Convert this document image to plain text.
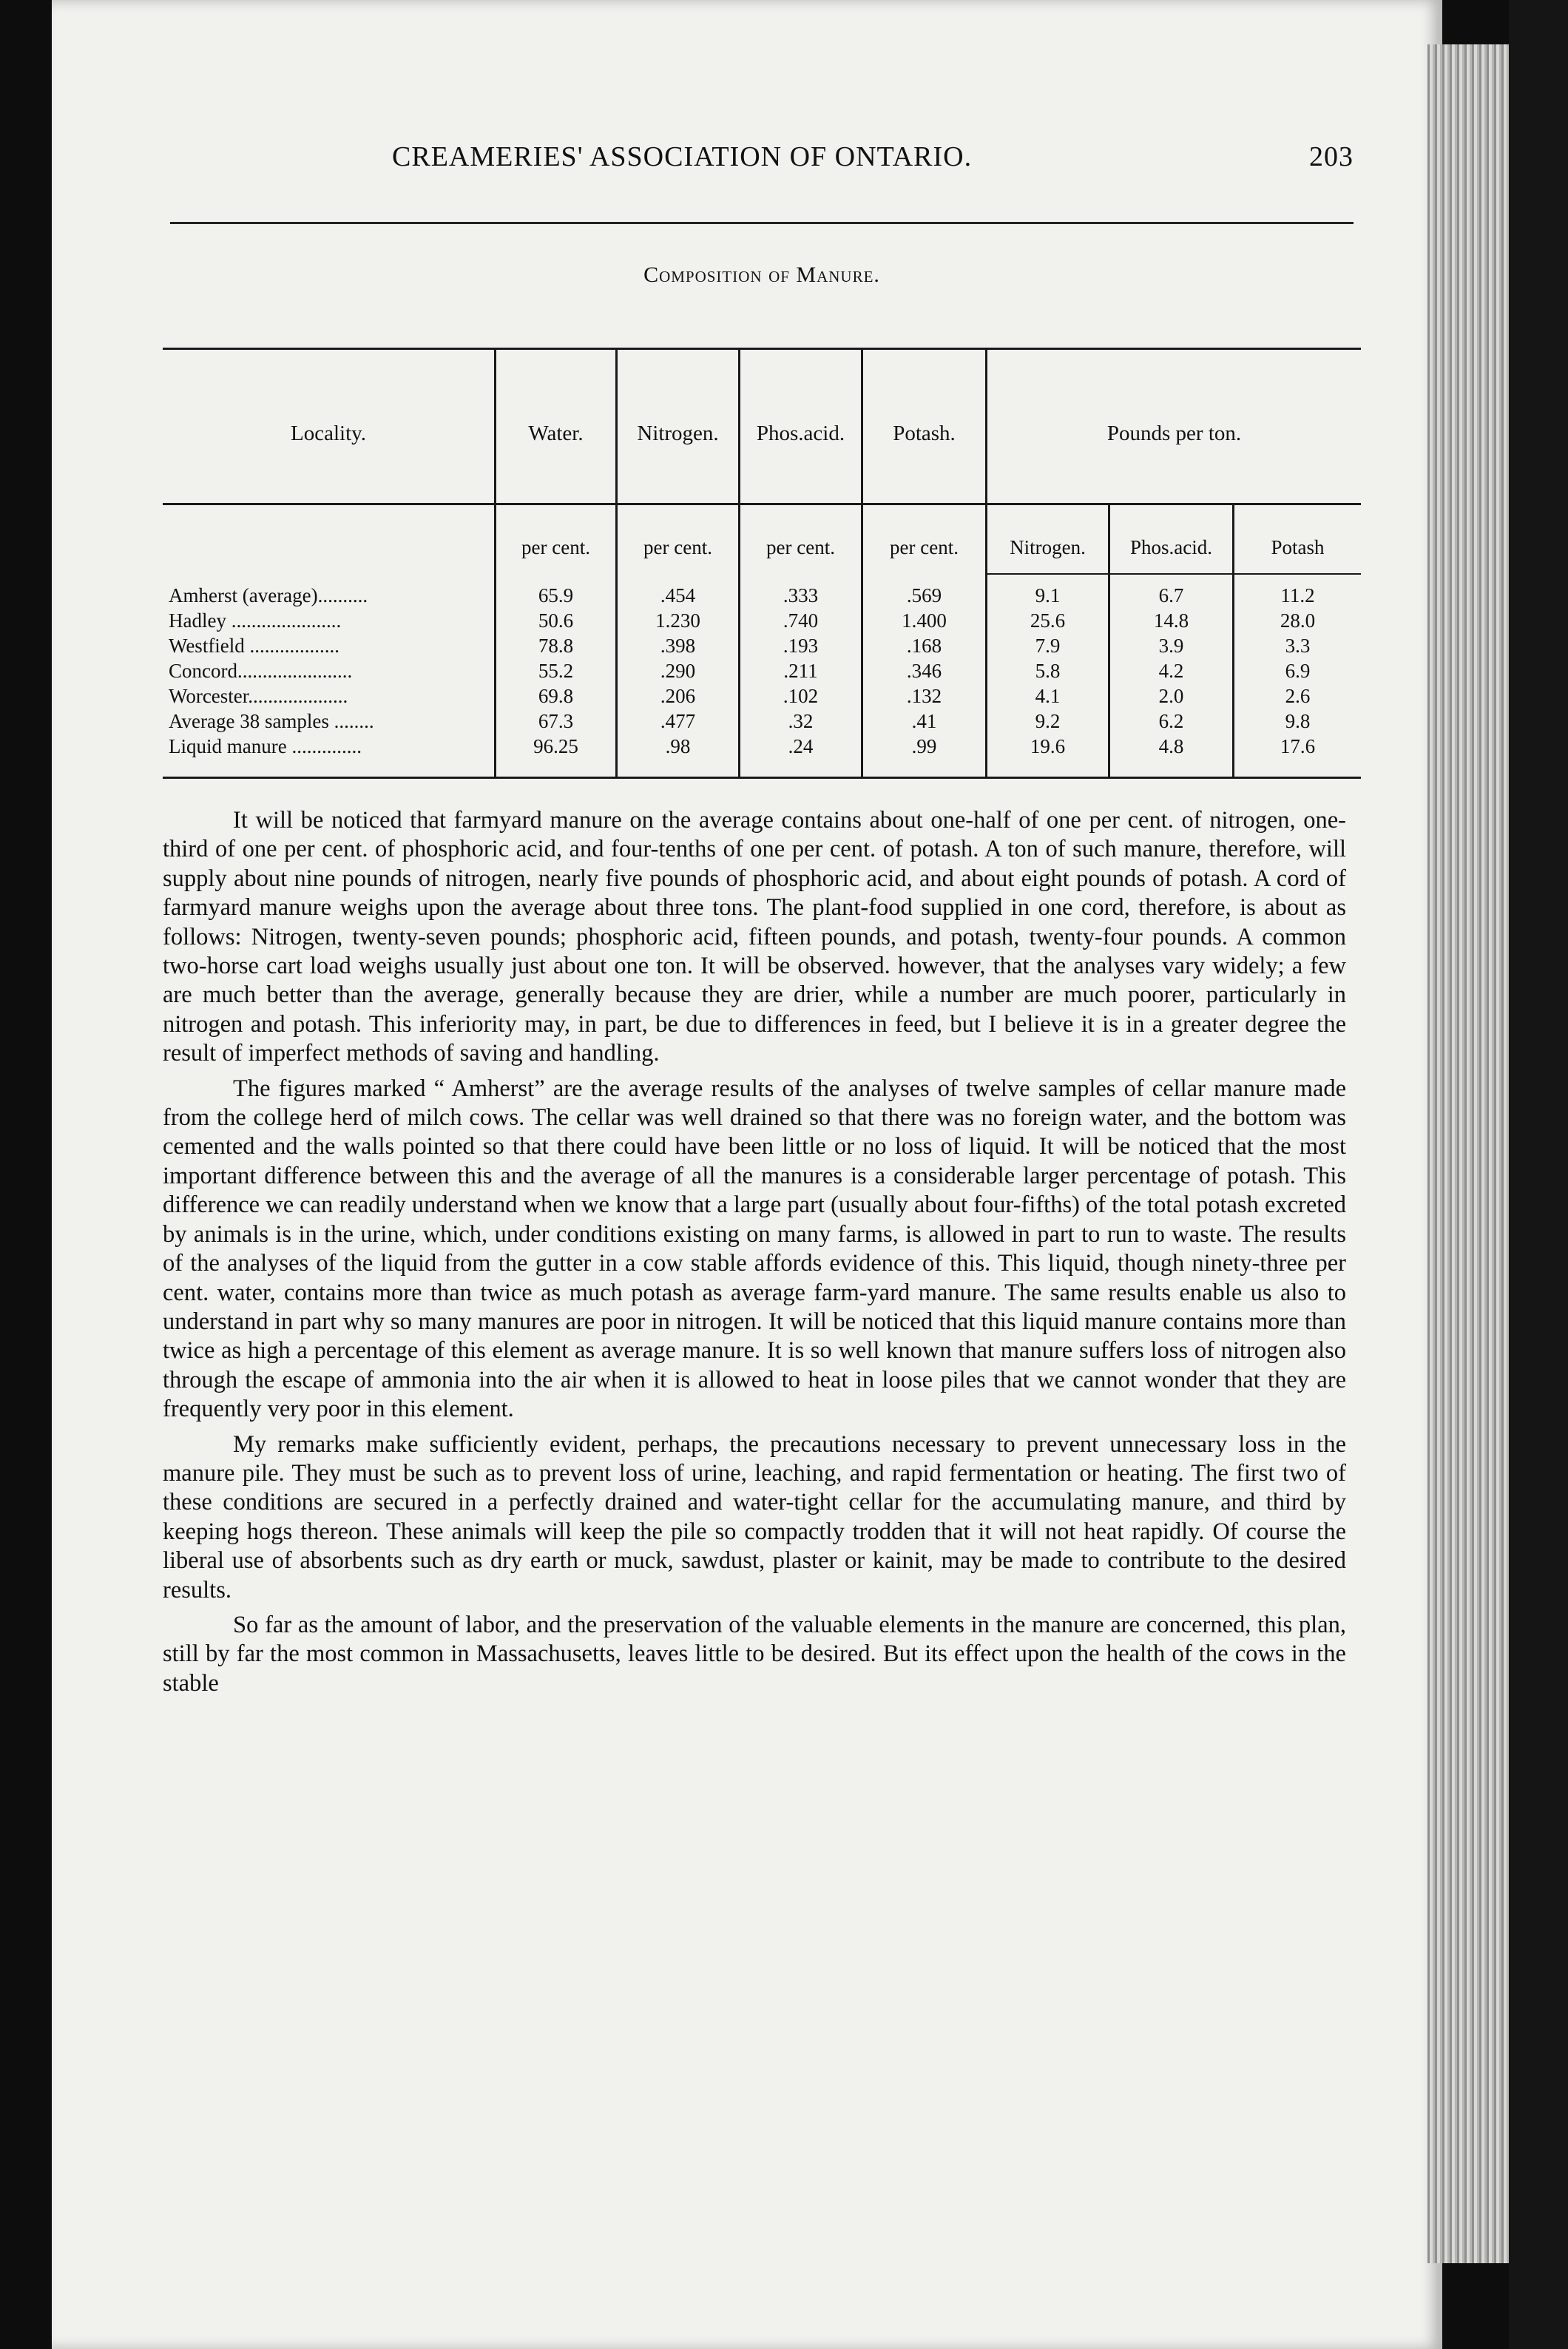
CREAMERIES' ASSOCIATION OF ONTARIO.	203
Composition of Manure.
Locality.	Water.	Nitrogen.	Phos.acid.	Potash.	Pounds per ton.
per cent.	per cent.	per cent.	per cent.	Nitrogen.	Phos.acid.	Potash
Amherst (average)..........	65.9	.454	.333	.569	9.1	6.7	11.2
Hadley ......................	50.6	1.230	.740	1.400	25.6	14.8	28.0
Westfield ..................	78.8	.398	.193	.168	7.9	3.9	3.3
Concord.......................	55.2	.290	.211	.346	5.8	4.2	6.9
Worcester....................	69.8	.206	.102	.132	4.1	2.0	2.6
Average 38 samples ........	67.3	.477	.32	.41	9.2	6.2	9.8
Liquid manure ..............	96.25	.98	.24	.99	19.6	4.8	17.6

It will be noticed that farmyard manure on the average contains about one-half of one per cent. of nitrogen, one-third of one per cent. of phosphoric acid, and four-tenths of one per cent. of potash. A ton of such manure, therefore, will supply about nine pounds of nitrogen, nearly five pounds of phosphoric acid, and about eight pounds of potash. A cord of farmyard manure weighs upon the average about three tons. The plant-food supplied in one cord, therefore, is about as follows: Nitrogen, twenty-seven pounds; phosphoric acid, fifteen pounds, and potash, twenty-four pounds. A common two-horse cart load weighs usually just about one ton. It will be observed. however, that the analyses vary widely; a few are much better than the average, generally because they are drier, while a number are much poorer, particularly in nitrogen and potash. This inferiority may, in part, be due to differences in feed, but I believe it is in a greater degree the result of imperfect methods of saving and handling.

The figures marked “ Amherst” are the average results of the analyses of twelve samples of cellar manure made from the college herd of milch cows. The cellar was well drained so that there was no foreign water, and the bottom was cemented and the walls pointed so that there could have been little or no loss of liquid. It will be noticed that the most important difference between this and the average of all the manures is a considerable larger percentage of potash. This difference we can readily understand when we know that a large part (usually about four-fifths) of the total potash excreted by animals is in the urine, which, under conditions existing on many farms, is allowed in part to run to waste. The results of the analyses of the liquid from the gutter in a cow stable affords evidence of this. This liquid, though ninety-three per cent. water, contains more than twice as much potash as average farm-yard manure. The same results enable us also to understand in part why so many manures are poor in nitrogen. It will be noticed that this liquid manure contains more than twice as high a percentage of this element as average manure. It is so well known that manure suffers loss of nitrogen also through the escape of ammonia into the air when it is allowed to heat in loose piles that we cannot wonder that they are frequently very poor in this element.

My remarks make sufficiently evident, perhaps, the precautions necessary to prevent unnecessary loss in the manure pile. They must be such as to prevent loss of urine, leaching, and rapid fermentation or heating. The first two of these conditions are secured in a perfectly drained and water-tight cellar for the accumulating manure, and third by keeping hogs thereon. These animals will keep the pile so compactly trodden that it will not heat rapidly. Of course the liberal use of absorbents such as dry earth or muck, sawdust, plaster or kainit, may be made to contribute to the desired results.

So far as the amount of labor, and the preservation of the valuable elements in the manure are concerned, this plan, still by far the most common in Massachusetts, leaves little to be desired. But its effect upon the health of the cows in the stable
